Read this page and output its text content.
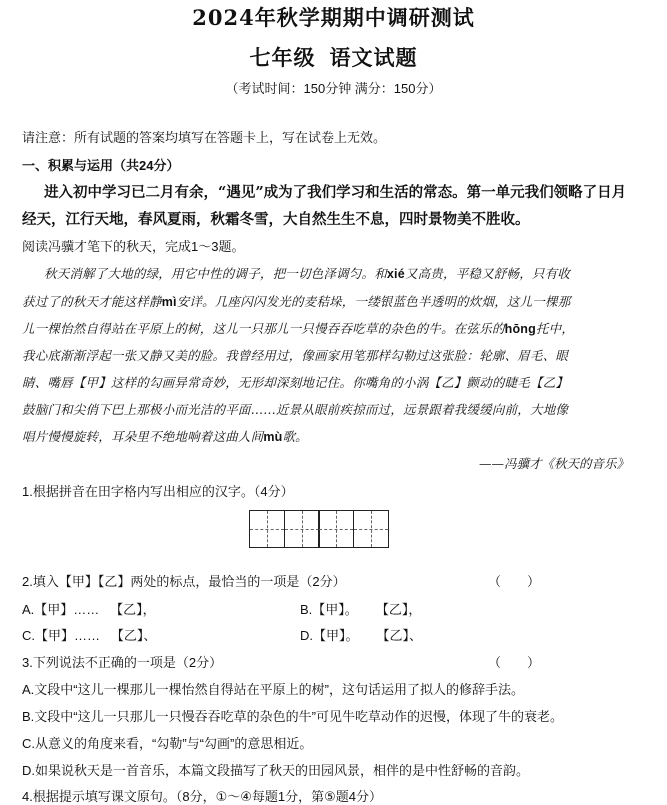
2024年秋学期期中调研测试
七年级 语文试题
（考试时间：150分钟 满分：150分）
请注意：所有试题的答案均填写在答题卡上，写在试卷上无效。
一、积累与运用（共24分）
进入初中学习已二月有余，“遇见”成为了我们学习和生活的常态。第一单元我们领略了日月
经天，江行天地，春风夏雨，秋霜冬雪，大自然生生不息，四时景物美不胜收。
阅读冯骥才笔下的秋天，完成1～3题。
秋天消解了大地的绿，用它中性的调子，把一切色泽调匀。和xié又高贵，平稳又舒畅，只有收
获过了的秋天才能这样静mì安详。几座闪闪发光的麦秸垛，一缕银蓝色半透明的炊烟，这儿一棵那
儿一棵怡然自得站在平原上的树，这儿一只那儿一只慢吞吞吃草的杂色的牛。在弦乐的hōng托中，
我心底渐渐浮起一张又静又美的脸。我曾经用过，像画家用笔那样勾勒过这张脸：轮廓、眉毛、眼
睛、嘴唇【甲】这样的勾画异常奇妙，无形却深刻地记住。你嘴角的小涡【乙】颤动的睫毛【乙】
鼓脑门和尖俏下巴上那极小而光洁的平面……近景从眼前疾掠而过，远景跟着我缓缓向前，大地像
唱片慢慢旋转，耳朵里不绝地响着这曲人间mù歌。
——冯骥才《秋天的音乐》
1.根据拼音在田字格内写出相应的汉字。（4分）
2.填入【甲】【乙】两处的标点，最恰当的一项是（2分）	（　　）
A.【甲】……   【乙】，	B.【甲】。     【乙】，
C.【甲】……   【乙】、	D.【甲】。     【乙】、
3.下列说法不正确的一项是（2分）	（　　）
A.文段中“这儿一棵那儿一棵怡然自得站在平原上的树”，这句话运用了拟人的修辞手法。
B.文段中“这儿一只那儿一只慢吞吞吃草的杂色的牛”可见牛吃草动作的迟慢，体现了牛的衰老。
C.从意义的角度来看，“勾勒”与“勾画”的意思相近。
D.如果说秋天是一首音乐，本篇文段描写了秋天的田园风景，相伴的是中性舒畅的音韵。
4.根据提示填写课文原句。（8分，①～④每题1分，第⑤题4分）
